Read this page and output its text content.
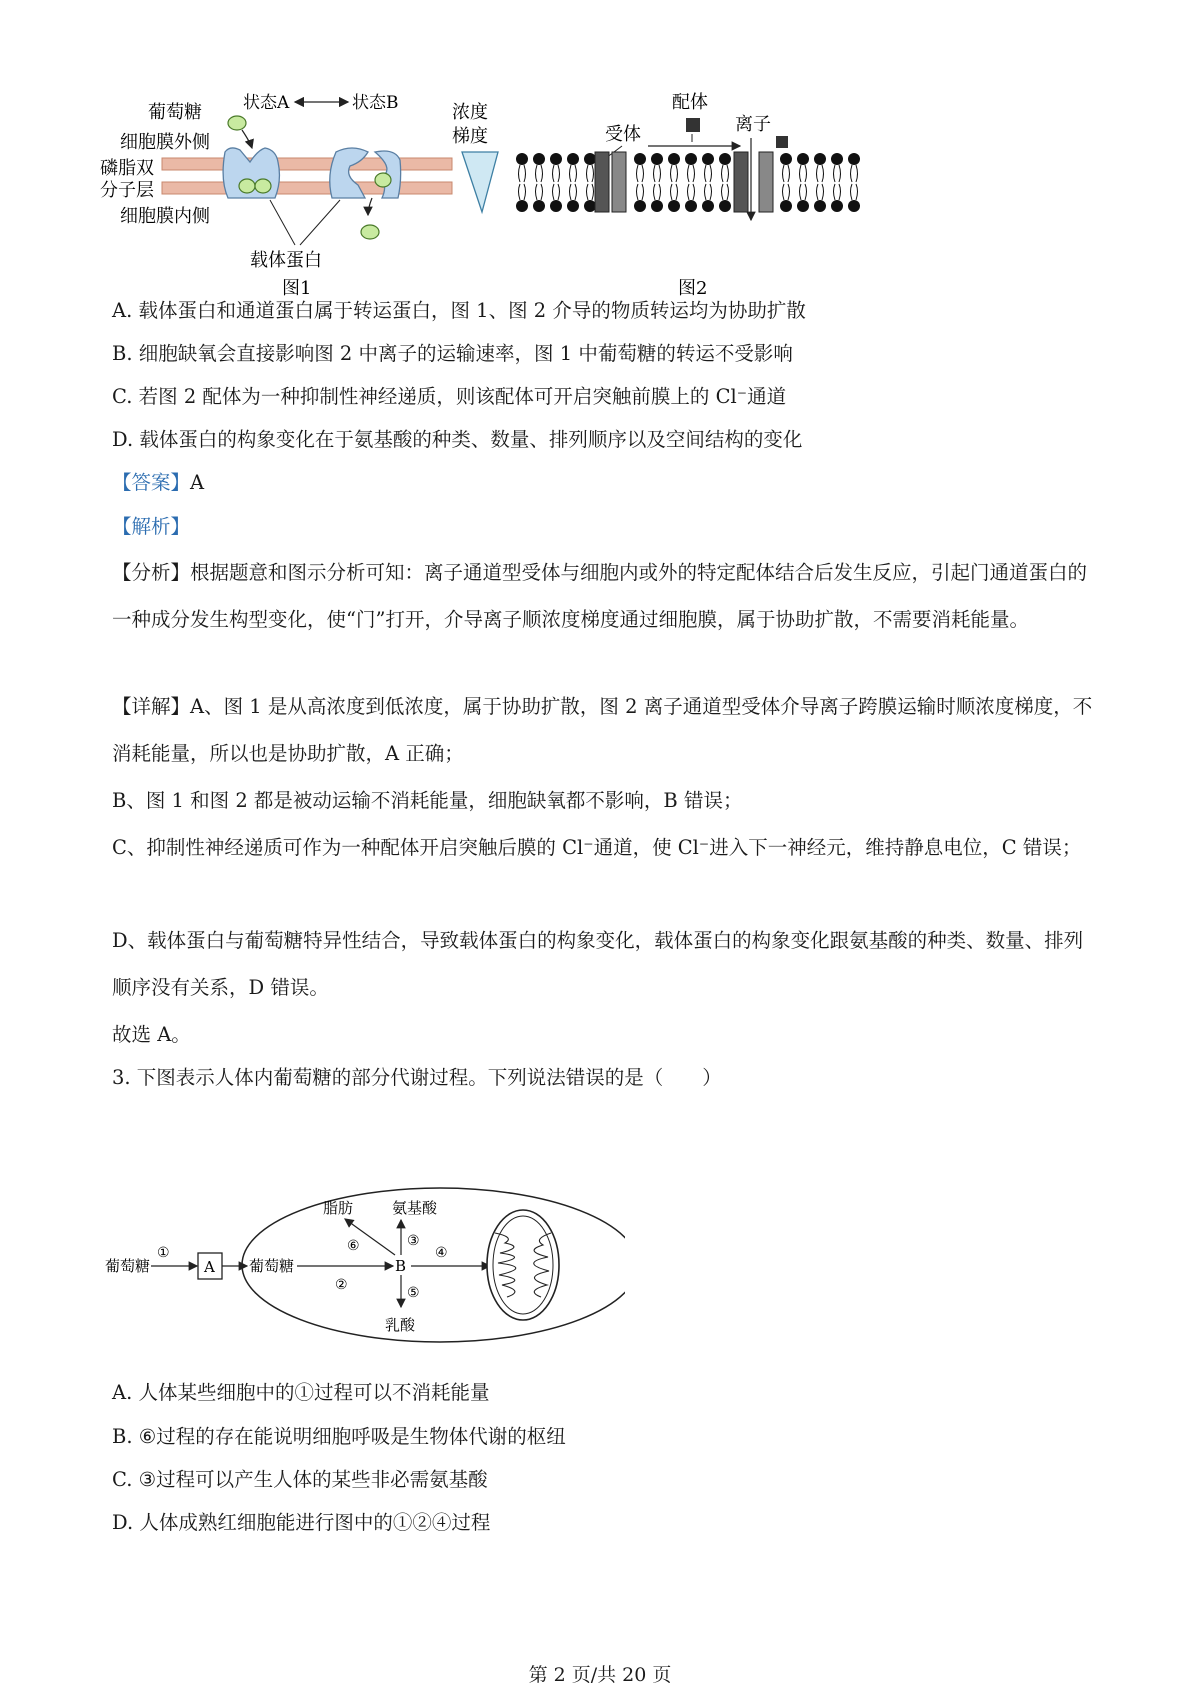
葡萄糖 状态A	状态B
细胞膜外侧
磷脂双
分子层
细胞膜内侧
载体蛋白
图1
浓度
梯度
配体
受体	离子
图2
A. 载体蛋白和通道蛋白属于转运蛋白，图 1、图 2 介导的物质转运均为协助扩散
B. 细胞缺氧会直接影响图 2 中离子的运输速率，图 1 中葡萄糖的转运不受影响
C. 若图 2 配体为一种抑制性神经递质，则该配体可开启突触前膜上的 Cl⁻通道
D. 载体蛋白的构象变化在于氨基酸的种类、数量、排列顺序以及空间结构的变化
【答案】A
【解析】
【分析】根据题意和图示分析可知：离子通道型受体与细胞内或外的特定配体结合后发生反应，引起门通道蛋白的一种成分发生构型变化，使“门”打开，介导离子顺浓度梯度通过细胞膜，属于协助扩散，不需要消耗能量。
【详解】A、图 1 是从高浓度到低浓度，属于协助扩散，图 2 离子通道型受体介导离子跨膜运输时顺浓度梯度，不消耗能量，所以也是协助扩散，A 正确；
B、图 1 和图 2 都是被动运输不消耗能量，细胞缺氧都不影响，B 错误；
C、抑制性神经递质可作为一种配体开启突触后膜的 Cl⁻通道，使 Cl⁻进入下一神经元，维持静息电位，C 错误；
D、载体蛋白与葡萄糖特异性结合，导致载体蛋白的构象变化，载体蛋白的构象变化跟氨基酸的种类、数量、排列顺序没有关系，D 错误。
故选 A。
3. 下图表示人体内葡萄糖的部分代谢过程。下列说法错误的是（　　）
葡萄糖
①
A 葡萄糖
②
B
⑥
脂肪
③
氨基酸
⑤
乳酸
④
A. 人体某些细胞中的①过程可以不消耗能量
B. ⑥过程的存在能说明细胞呼吸是生物体代谢的枢纽
C. ③过程可以产生人体的某些非必需氨基酸
D. 人体成熟红细胞能进行图中的①②④过程
第 2 页/共 20 页
